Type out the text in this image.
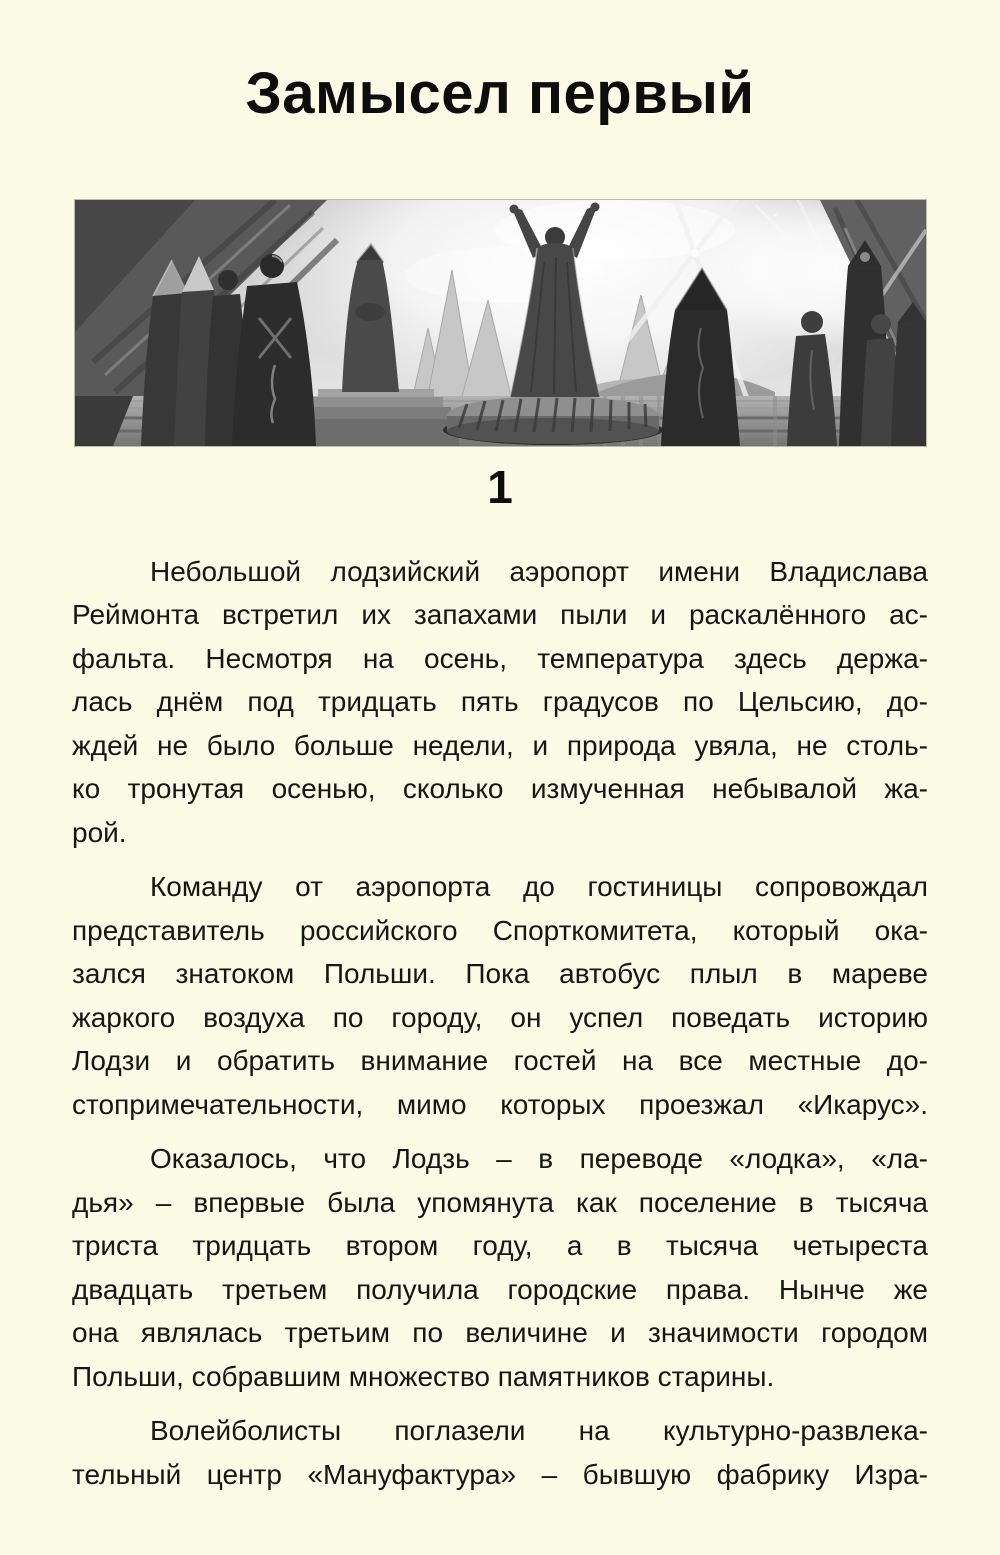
Замысел первый
1
Небольшой лодзийский аэропорт имени Владислава
Реймонта встретил их запахами пыли и раскалённого ас-
фальта. Несмотря на осень, температура здесь держа-
лась днём под тридцать пять градусов по Цельсию, до-
ждей не было больше недели, и природа увяла, не столь-
ко тронутая осенью, сколько измученная небывалой жа-
рой.
Команду от аэропорта до гостиницы сопровождал
представитель российского Спорткомитета, который ока-
зался знатоком Польши. Пока автобус плыл в мареве
жаркого воздуха по городу, он успел поведать историю
Лодзи и обратить внимание гостей на все местные до-
стопримечательности, мимо которых проезжал «Икарус».
Оказалось, что Лодзь – в переводе «лодка», «ла-
дья» – впервые была упомянута как поселение в тысяча
триста тридцать втором году, а в тысяча четыреста
двадцать третьем получила городские права. Нынче же
она являлась третьим по величине и значимости городом
Польши, собравшим множество памятников старины.
Волейболисты поглазели на культурно-развлека-
тельный центр «Мануфактура» – бывшую фабрику Изра-
